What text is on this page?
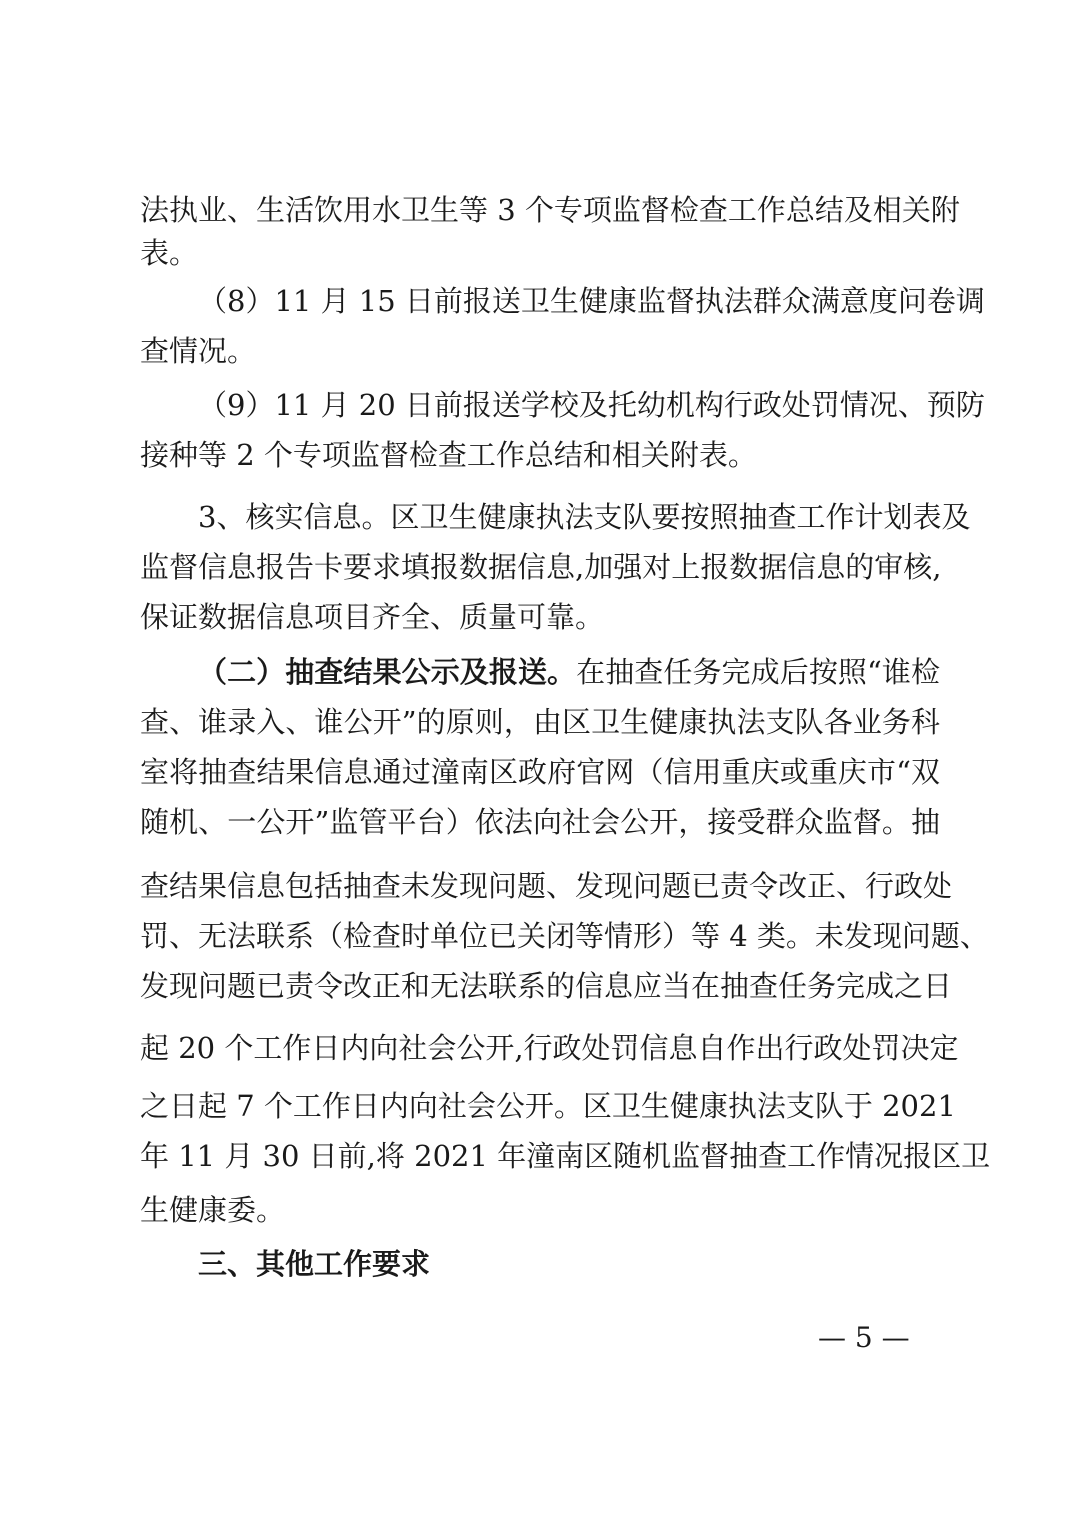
法执业、生活饮用水卫生等 3 个专项监督检查工作总结及相关附
表。
（8）11 月 15 日前报送卫生健康监督执法群众满意度问卷调
查情况。
（9）11 月 20 日前报送学校及托幼机构行政处罚情况、预防
接种等 2 个专项监督检查工作总结和相关附表。
3、核实信息。区卫生健康执法支队要按照抽查工作计划表及
监督信息报告卡要求填报数据信息,加强对上报数据信息的审核,
保证数据信息项目齐全、质量可靠。
（二）抽查结果公示及报送。在抽查任务完成后按照“谁检
查、谁录入、谁公开”的原则，由区卫生健康执法支队各业务科
室将抽查结果信息通过潼南区政府官网（信用重庆或重庆市“双
随机、一公开”监管平台）依法向社会公开，接受群众监督。抽
查结果信息包括抽查未发现问题、发现问题已责令改正、行政处
罚、无法联系（检查时单位已关闭等情形）等 4 类。未发现问题、
发现问题已责令改正和无法联系的信息应当在抽查任务完成之日
起 20 个工作日内向社会公开,行政处罚信息自作出行政处罚决定
之日起 7 个工作日内向社会公开。区卫生健康执法支队于 2021
年 11 月 30 日前,将 2021 年潼南区随机监督抽查工作情况报区卫
生健康委。
三、其他工作要求
— 5 —
